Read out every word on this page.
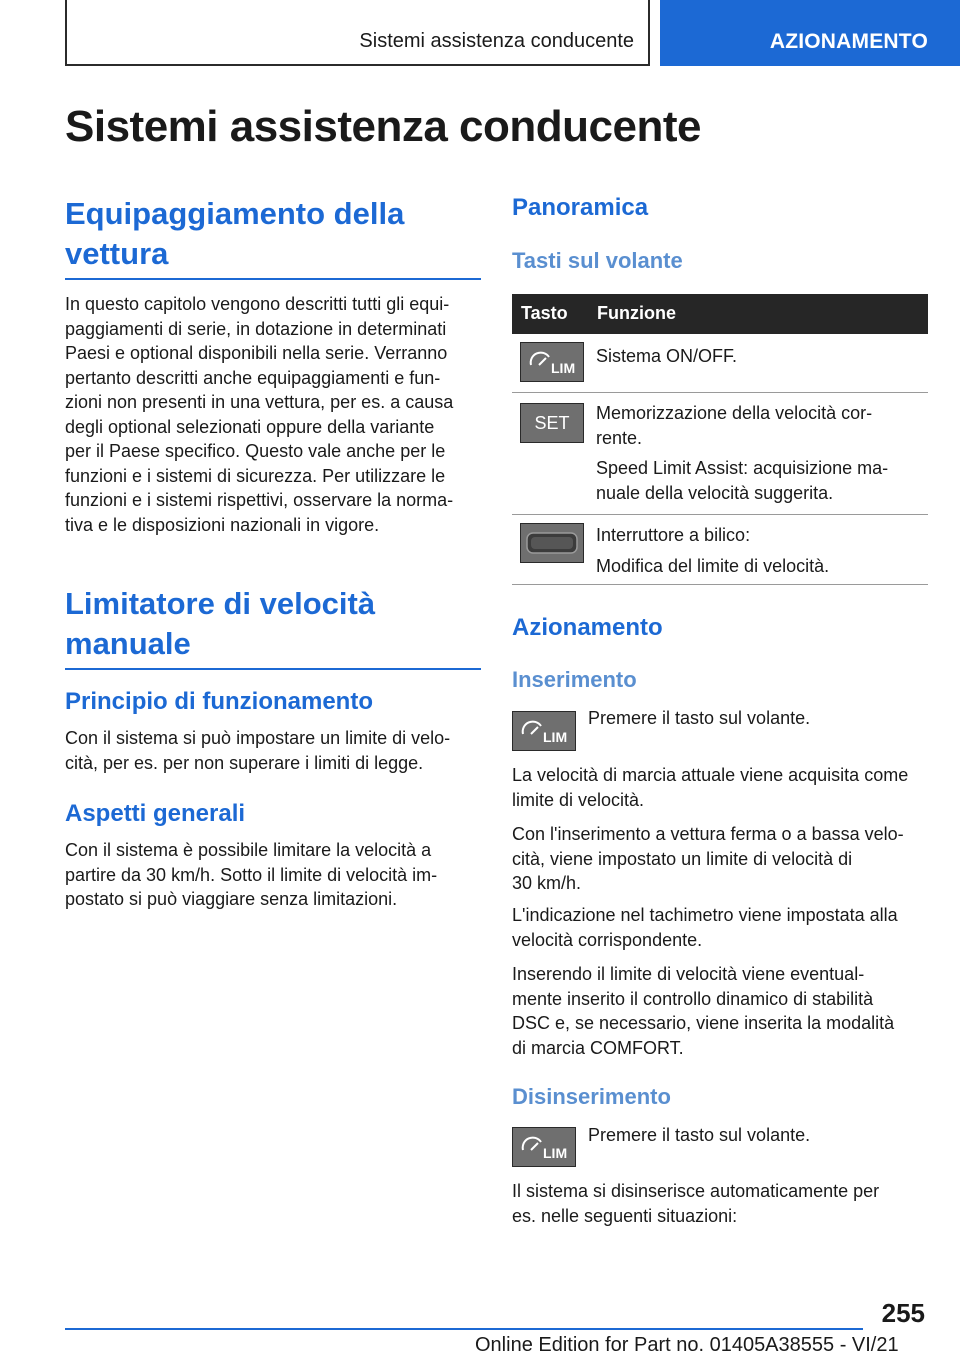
Sistemi assistenza conducente	AZIONAMENTO
Sistemi assistenza conducente
Equipaggiamento della vettura
In questo capitolo vengono descritti tutti gli equi-
paggiamenti di serie, in dotazione in determinati
Paesi e optional disponibili nella serie. Verranno
pertanto descritti anche equipaggiamenti e fun-
zioni non presenti in una vettura, per es. a causa
degli optional selezionati oppure della variante
per il Paese specifico. Questo vale anche per le
funzioni e i sistemi di sicurezza. Per utilizzare le
funzioni e i sistemi rispettivi, osservare la norma-
tiva e le disposizioni nazionali in vigore.
Limitatore di velocità manuale
Principio di funzionamento
Con il sistema si può impostare un limite di velo-
cità, per es. per non superare i limiti di legge.
Aspetti generali
Con il sistema è possibile limitare la velocità a
partire da 30 km/h. Sotto il limite di velocità im-
postato si può viaggiare senza limitazioni.
Panoramica
Tasti sul volante
Tasto Funzione
LIM

Sistema ON/OFF.

SET Memorizzazione della velocità cor-
rente.

Speed Limit Assist: acquisizione ma-
nuale della velocità suggerita.

Interruttore a bilico:

Modifica del limite di velocità.

Azionamento
Inserimento
LIM
Premere il tasto sul volante.
La velocità di marcia attuale viene acquisita come
limite di velocità.
Con l'inserimento a vettura ferma o a bassa velo-
cità, viene impostato un limite di velocità di
30 km/h.
L'indicazione nel tachimetro viene impostata alla
velocità corrispondente.
Inserendo il limite di velocità viene eventual-
mente inserito il controllo dinamico di stabilità
DSC e, se necessario, viene inserita la modalità
di marcia COMFORT.
Disinserimento
LIM
Premere il tasto sul volante.
Il sistema si disinserisce automaticamente per
es. nelle seguenti situazioni:
255
Online Edition for Part no. 01405A38555 - VI/21
